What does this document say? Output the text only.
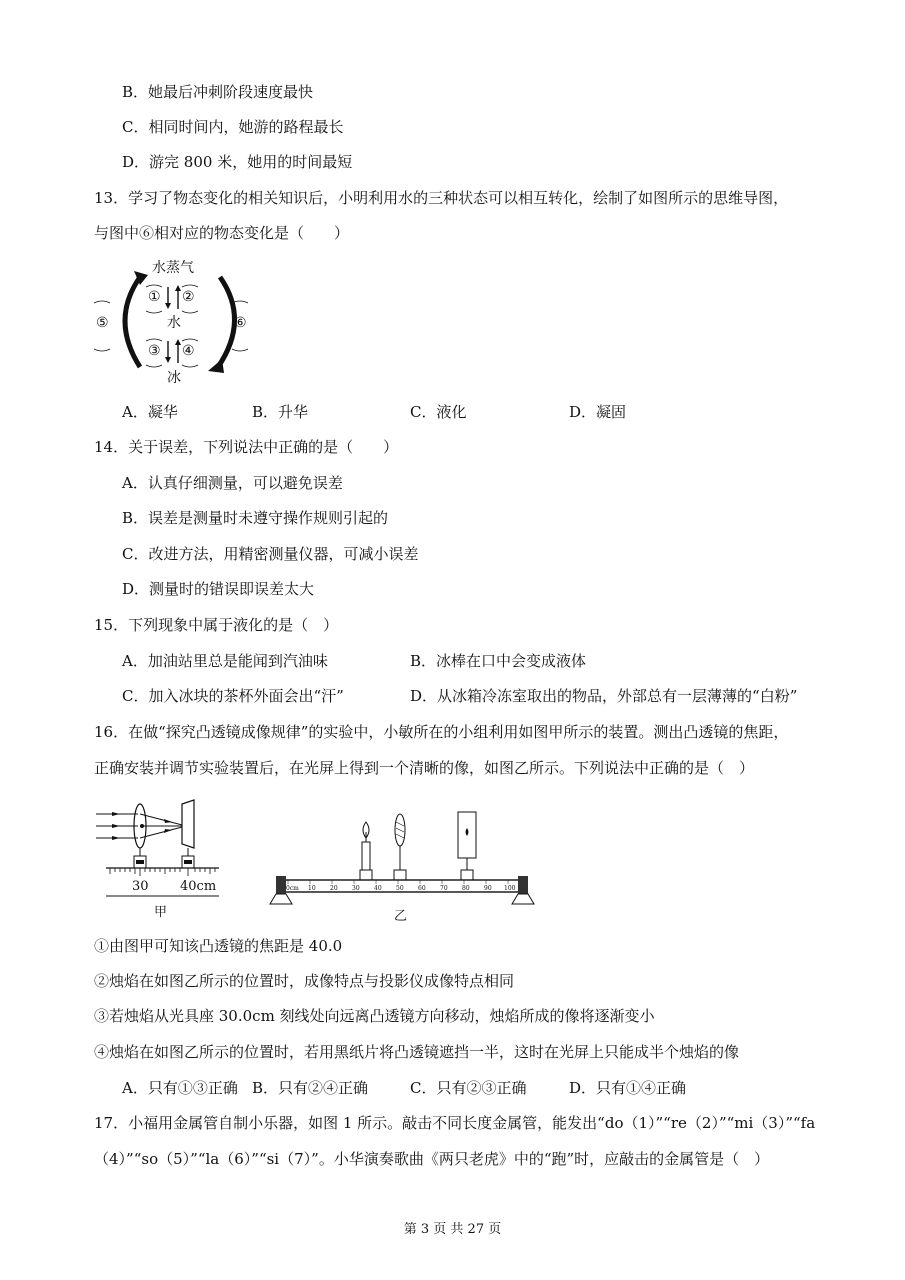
B．她最后冲刺阶段速度最快
C．相同时间内，她游的路程最长
D．游完 800 米，她用的时间最短
13．学习了物态变化的相关知识后，小明利用水的三种状态可以相互转化，绘制了如图所示的思维导图，
与图中⑥相对应的物态变化是（　　）
水蒸气
水
冰
① ②
③ ④
⑤	⑥
A．凝华	B．升华	C．液化	D．凝固
14．关于误差，下列说法中正确的是（　　）
A．认真仔细测量，可以避免误差
B．误差是测量时未遵守操作规则引起的
C．改进方法，用精密测量仪器，可减小误差
D．测量时的错误即误差太大
15．下列现象中属于液化的是（　）
A．加油站里总是能闻到汽油味	B．冰棒在口中会变成液体
C．加入冰块的茶杯外面会出“汗”	D．从冰箱冷冻室取出的物品，外部总有一层薄薄的“白粉”
16．在做“探究凸透镜成像规律”的实验中，小敏所在的小组利用如图甲所示的装置。测出凸透镜的焦距，
正确安装并调节实验装置后，在光屏上得到一个清晰的像，如图乙所示。下列说法中正确的是（　）
30 40cm
甲
0cm 10 20 30 40 50 60 70 80 90 100
乙
①由图甲可知该凸透镜的焦距是 40.0
②烛焰在如图乙所示的位置时，成像特点与投影仪成像特点相同
③若烛焰从光具座 30.0cm 刻线处向远离凸透镜方向移动，烛焰所成的像将逐渐变小
④烛焰在如图乙所示的位置时，若用黑纸片将凸透镜遮挡一半，这时在光屏上只能成半个烛焰的像
A．只有①③正确 B．只有②④正确	C．只有②③正确	D．只有①④正确
17．小福用金属管自制小乐器，如图 1 所示。敲击不同长度金属管，能发出“do（1）”“re（2）”“mi（3）”“fa
（4）”“so（5）”“la（6）”“si（7）”。小华演奏歌曲《两只老虎》中的“跑”时，应敲击的金属管是（　）
第 3 页 共 27 页
